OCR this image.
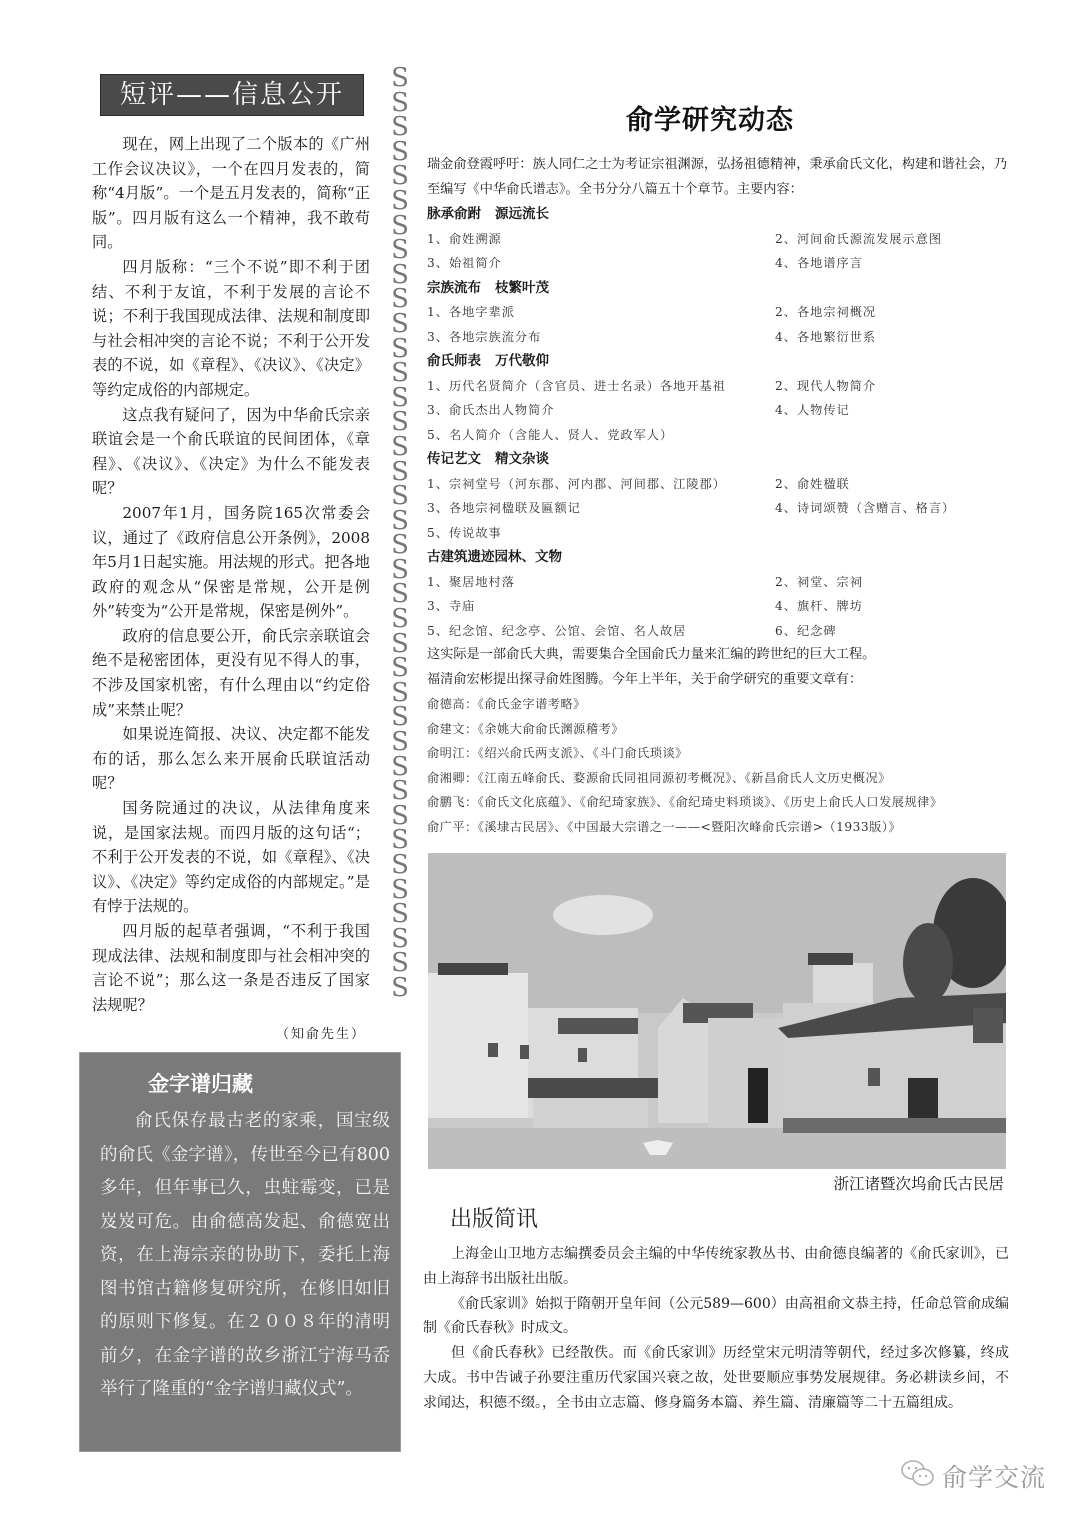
短评——信息公开

现在，网上出现了二个版本的《广州工作会议决议》，一个在四月发表的，简称“4月版”。一个是五月发表的，简称“正版”。四月版有这么一个精神，我不敢苟同。

四月版称：“三个不说”即不利于团结、不利于友谊，不利于发展的言论不说；不利于我国现成法律、法规和制度即与社会相冲突的言论不说；不利于公开发表的不说，如《章程》、《决议》、《决定》等约定成俗的内部规定。

这点我有疑问了，因为中华俞氏宗亲联谊会是一个俞氏联谊的民间团体，《章程》、《决议》、《决定》为什么不能发表呢？

2007年1月，国务院165次常委会议，通过了《政府信息公开条例》，2008年5月1日起实施。用法规的形式。把各地政府的观念从“保密是常规，公开是例外”转变为“公开是常规，保密是例外”。

政府的信息要公开，俞氏宗亲联谊会绝不是秘密团体，更没有见不得人的事，不涉及国家机密，有什么理由以“约定俗成”来禁止呢？

如果说连简报、决议、决定都不能发布的话，那么怎么来开展俞氏联谊活动呢？

国务院通过的决议，从法律角度来说，是国家法规。而四月版的这句话“；不利于公开发表的不说，如《章程》、《决议》、《决定》等约定成俗的内部规定。”是有悖于法规的。

四月版的起草者强调，“不利于我国现成法律、法规和制度即与社会相冲突的言论不说”；那么这一条是否违反了国家法规呢？

（知俞先生）

S
S
S
S
S
S
S
S
S
S
S
S
S
S
S
S
S
S
S
S
S
S
S
S
S
S
S
S
S
S
S
S
S
S
S
S
S
S
金字谱归藏

俞氏保存最古老的家乘，国宝级的俞氏《金字谱》，传世至今已有800多年，但年事已久，虫蛀霉变，已是岌岌可危。由俞德高发起、俞德宽出资，在上海宗亲的协助下，委托上海图书馆古籍修复研究所，在修旧如旧的原则下修复。在２００８年的清明前夕，在金字谱的故乡浙江宁海马岙举行了隆重的“金字谱归藏仪式”。

俞学研究动态
瑞金俞登霞呼吁：族人同仁之士为考证宗祖渊源，弘扬祖德精神，秉承俞氏文化，构建和谐社会，乃至编写《中华俞氏谱志》。全书分分八篇五十个章节。主要内容：
脉承俞跗 源远流长
1、俞姓溯源	2、河间俞氏源流发展示意图
3、始祖简介	4、各地谱序言
宗族流布 枝繁叶茂
1、各地字辈派	2、各地宗祠概况
3、各地宗族流分布	4、各地繁衍世系
俞氏师表 万代敬仰
1、历代名贤简介（含官员、进士名录）各地开基祖	2、现代人物简介
3、俞氏杰出人物简介	4、人物传记
5、名人简介（含能人、贤人、党政军人）
传记艺文 精文杂谈
1、宗祠堂号（河东郡、河内郡、河间郡、江陵郡）	2、俞姓楹联
3、各地宗祠楹联及匾额记	4、诗词颂赞（含赠言、格言）
5、传说故事
古建筑遗迹园林、文物
1、聚居地村落	2、祠堂、宗祠
3、寺庙	4、旗杆、牌坊
5、纪念馆、纪念亭、公馆、会馆、名人故居	6、纪念碑
这实际是一部俞氏大典，需要集合全国俞氏力量来汇编的跨世纪的巨大工程。
福清俞宏彬提出探寻俞姓图腾。今年上半年，关于俞学研究的重要文章有：
俞德高：《俞氏金字谱考略》
俞建文：《余姚大俞俞氏渊源稽考》
俞明江：《绍兴俞氏两支派》、《斗门俞氏琐谈》
俞湘卿：《江南五峰俞氏、婺源俞氏同祖同源初考概况》、《新昌俞氏人文历史概况》
俞鹏飞：《俞氏文化底蕴》、《俞纪琦家族》、《俞纪琦史料琐谈》、《历史上俞氏人口发展规律》
俞广平：《溪埭古民居》、《中国最大宗谱之一——<暨阳次峰俞氏宗谱>（1933版）》
浙江诸暨次坞俞氏古民居
出版简讯

上海金山卫地方志编撰委员会主编的中华传统家教丛书、由俞德良编著的《俞氏家训》，已由上海辞书出版社出版。

《俞氏家训》始拟于隋朝开皇年间（公元589—600）由高祖俞文恭主持，任命总管俞成编制《俞氏春秋》时成文。

但《俞氏春秋》已经散佚。而《俞氏家训》历经堂宋元明清等朝代，经过多次修纂，终成大成。书中告诫子孙要注重历代家国兴衰之故，处世要顺应事势发展规律。务必耕读乡间，不求闻达，积德不缀。，全书由立志篇、修身篇务本篇、养生篇、清廉篇等二十五篇组成。

俞学交流
